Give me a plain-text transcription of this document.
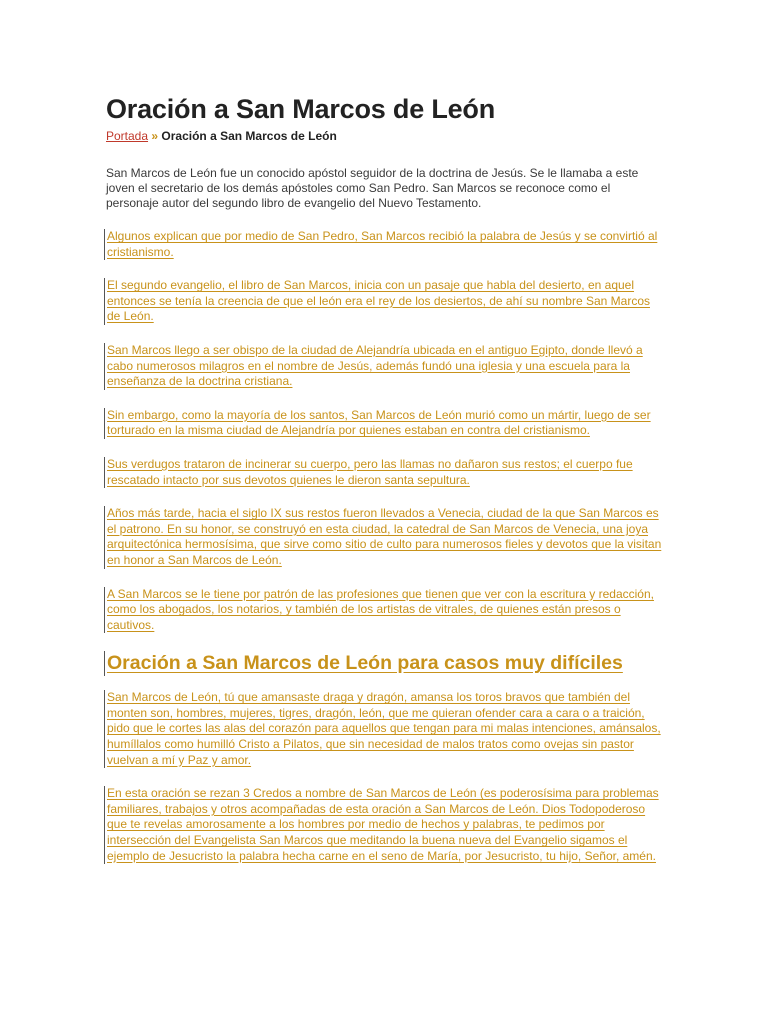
Oración a San Marcos de León
Portada » Oración a San Marcos de León

San Marcos de León fue un conocido apóstol seguidor de la doctrina de Jesús. Se le llamaba a este joven el secretario de los demás apóstoles como San Pedro. San Marcos se reconoce como el personaje autor del segundo libro de evangelio del Nuevo Testamento.

Algunos explican que por medio de San Pedro, San Marcos recibió la palabra de Jesús y se convirtió al cristianismo.

El segundo evangelio, el libro de San Marcos, inicia con un pasaje que habla del desierto, en aquel entonces se tenía la creencia de que el león era el rey de los desiertos, de ahí su nombre San Marcos de León.

San Marcos llego a ser obispo de la ciudad de Alejandría ubicada en el antiguo Egipto, donde llevó a cabo numerosos milagros en el nombre de Jesús, además fundó una iglesia y una escuela para la enseñanza de la doctrina cristiana.

Sin embargo, como la mayoría de los santos, San Marcos de León murió como un mártir, luego de ser torturado en la misma ciudad de Alejandría por quienes estaban en contra del cristianismo.

Sus verdugos trataron de incinerar su cuerpo, pero las llamas no dañaron sus restos; el cuerpo fue rescatado intacto por sus devotos quienes le dieron santa sepultura.

Años más tarde, hacia el siglo IX sus restos fueron llevados a Venecia, ciudad de la que San Marcos es el patrono. En su honor, se construyó en esta ciudad, la catedral de San Marcos de Venecia, una joya arquitectónica hermosísima, que sirve como sitio de culto para numerosos fieles y devotos que la visitan en honor a San Marcos de León.

A San Marcos se le tiene por patrón de las profesiones que tienen que ver con la escritura y redacción, como los abogados, los notarios, y también de los artistas de vitrales, de quienes están presos o cautivos.

Oración a San Marcos de León para casos muy difíciles

San Marcos de León, tú que amansaste draga y dragón, amansa los toros bravos que también del monten son, hombres, mujeres, tigres, dragón, león, que me quieran ofender cara a cara o a traición, pido que le cortes las alas del corazón para aquellos que tengan para mi malas intenciones, amánsalos, humíllalos como humilló Cristo a Pilatos, que sin necesidad de malos tratos como ovejas sin pastor vuelvan a mí y Paz y amor.

En esta oración se rezan 3 Credos a nombre de San Marcos de León (es poderosísima para problemas familiares, trabajos y otros acompañadas de esta oración a San Marcos de León. Dios Todopoderoso que te revelas amorosamente a los hombres por medio de hechos y palabras, te pedimos por intersección del Evangelista San Marcos que meditando la buena nueva del Evangelio sigamos el ejemplo de Jesucristo la palabra hecha carne en el seno de María, por Jesucristo, tu hijo, Señor, amén.
